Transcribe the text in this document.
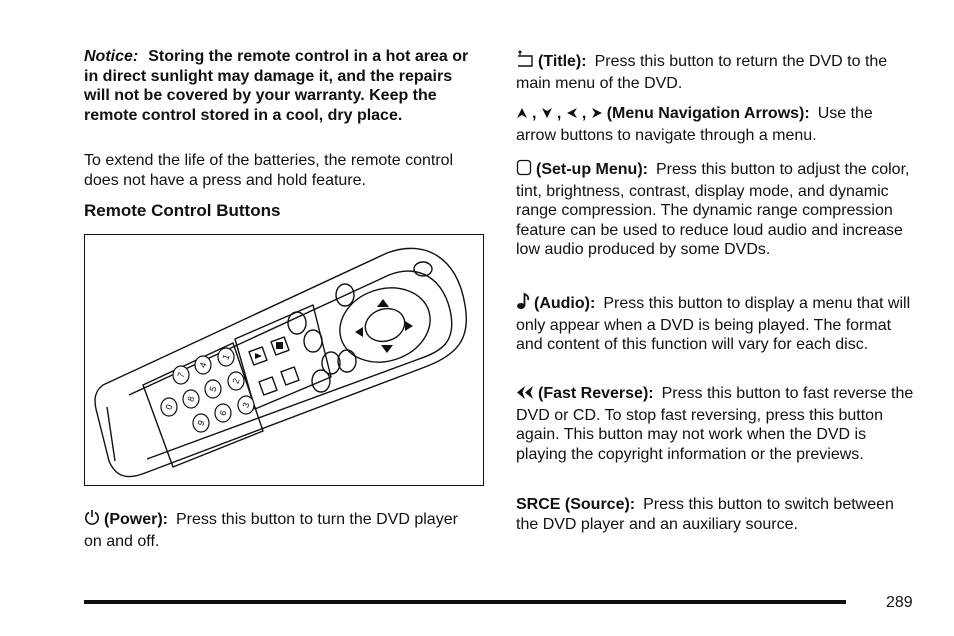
Notice: Storing the remote control in a hot area or in direct sunlight may damage it, and the repairs will not be covered by your warranty. Keep the remote control stored in a cool, dry place.

To extend the life of the batteries, the remote control does not have a press and hold feature.

Remote Control Buttons
1
2
3
4
5
6
7
8
9
0

(Power): Press this button to turn the DVD player on and off.

(Title): Press this button to return the DVD to the main menu of the DVD.

, , , (Menu Navigation Arrows): Use the arrow buttons to navigate through a menu.

(Set-up Menu): Press this button to adjust the color, tint, brightness, contrast, display mode, and dynamic range compression. The dynamic range compression feature can be used to reduce loud audio and increase low audio produced by some DVDs.

(Audio): Press this button to display a menu that will only appear when a DVD is being played. The format and content of this function will vary for each disc.

(Fast Reverse): Press this button to fast reverse the DVD or CD. To stop fast reversing, press this button again. This button may not work when the DVD is playing the copyright information or the previews.

SRCE (Source): Press this button to switch between the DVD player and an auxiliary source.

289
